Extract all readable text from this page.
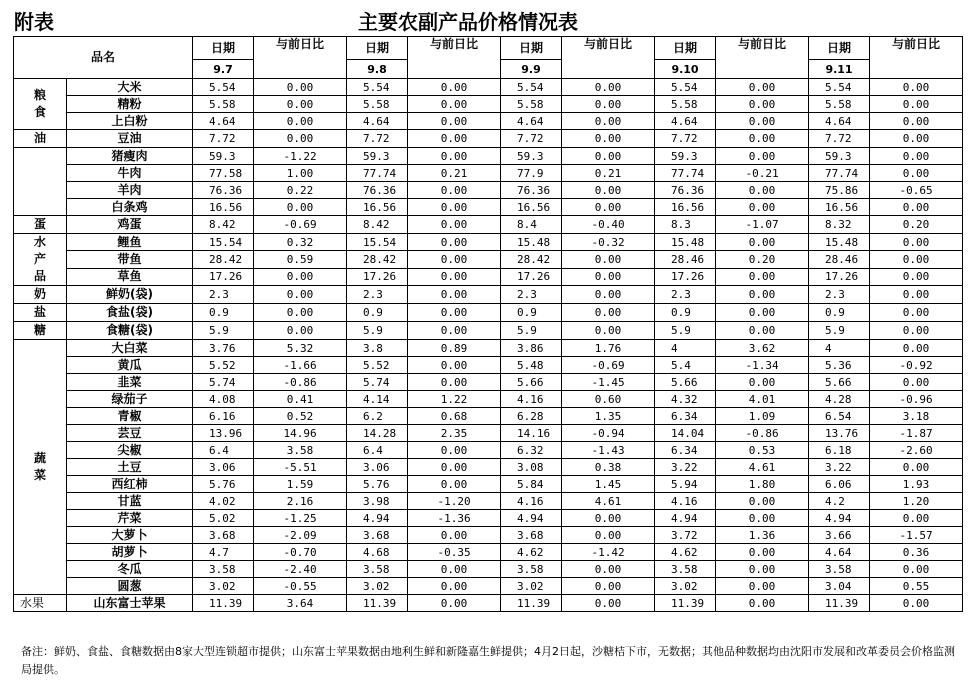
附表	主要农副产品价格情况表
品名		日期	与前日比	日期	与前日比	日期	与前日比	日期	与前日比	日期	与前日比
		9.7		9.8		9.9		9.10		9.11	
粮
食	大米	5.54	0.00	5.54	0.00	5.54	0.00	5.54	0.00	5.54	0.00
	精粉	5.58	0.00	5.58	0.00	5.58	0.00	5.58	0.00	5.58	0.00
	上白粉	4.64	0.00	4.64	0.00	4.64	0.00	4.64	0.00	4.64	0.00
油	豆油	7.72	0.00	7.72	0.00	7.72	0.00	7.72	0.00	7.72	0.00
	猪瘦肉	59.3	-1.22	59.3	0.00	59.3	0.00	59.3	0.00	59.3	0.00
	牛肉	77.58	1.00	77.74	0.21	77.9	0.21	77.74	-0.21	77.74	0.00
	羊肉	76.36	0.22	76.36	0.00	76.36	0.00	76.36	0.00	75.86	-0.65
	白条鸡	16.56	0.00	16.56	0.00	16.56	0.00	16.56	0.00	16.56	0.00
蛋	鸡蛋	8.42	-0.69	8.42	0.00	8.4	-0.40	8.3	-1.07	8.32	0.20
水
产
品	鲤鱼	15.54	0.32	15.54	0.00	15.48	-0.32	15.48	0.00	15.48	0.00
	带鱼	28.42	0.59	28.42	0.00	28.42	0.00	28.46	0.20	28.46	0.00
	草鱼	17.26	0.00	17.26	0.00	17.26	0.00	17.26	0.00	17.26	0.00
奶	鲜奶(袋)	2.3	0.00	2.3	0.00	2.3	0.00	2.3	0.00	2.3	0.00
盐	食盐(袋)	0.9	0.00	0.9	0.00	0.9	0.00	0.9	0.00	0.9	0.00
糖	食糖(袋)	5.9	0.00	5.9	0.00	5.9	0.00	5.9	0.00	5.9	0.00
蔬
菜	大白菜	3.76	5.32	3.8	0.89	3.86	1.76	4	3.62	4	0.00
	黄瓜	5.52	-1.66	5.52	0.00	5.48	-0.69	5.4	-1.34	5.36	-0.92
	韭菜	5.74	-0.86	5.74	0.00	5.66	-1.45	5.66	0.00	5.66	0.00
	绿茄子	4.08	0.41	4.14	1.22	4.16	0.60	4.32	4.01	4.28	-0.96
	青椒	6.16	0.52	6.2	0.68	6.28	1.35	6.34	1.09	6.54	3.18
	芸豆	13.96	14.96	14.28	2.35	14.16	-0.94	14.04	-0.86	13.76	-1.87
	尖椒	6.4	3.58	6.4	0.00	6.32	-1.43	6.34	0.53	6.18	-2.60
	土豆	3.06	-5.51	3.06	0.00	3.08	0.38	3.22	4.61	3.22	0.00
	西红柿	5.76	1.59	5.76	0.00	5.84	1.45	5.94	1.80	6.06	1.93
	甘蓝	4.02	2.16	3.98	-1.20	4.16	4.61	4.16	0.00	4.2	1.20
	芹菜	5.02	-1.25	4.94	-1.36	4.94	0.00	4.94	0.00	4.94	0.00
	大萝卜	3.68	-2.09	3.68	0.00	3.68	0.00	3.72	1.36	3.66	-1.57
	胡萝卜	4.7	-0.70	4.68	-0.35	4.62	-1.42	4.62	0.00	4.64	0.36
	冬瓜	3.58	-2.40	3.58	0.00	3.58	0.00	3.58	0.00	3.58	0.00
	圆葱	3.02	-0.55	3.02	0.00	3.02	0.00	3.02	0.00	3.04	0.55
水果	山东富士苹果	11.39	3.64	11.39	0.00	11.39	0.00	11.39	0.00	11.39	0.00
备注：鲜奶、食盐、食糖数据由8家大型连锁超市提供；山东富士苹果数据由地利生鲜和新隆嘉生鲜提供；4月2日起，沙糖桔下市，无数据；其他品种数据均由沈阳市发展和改革委员会价格监测局提供。
